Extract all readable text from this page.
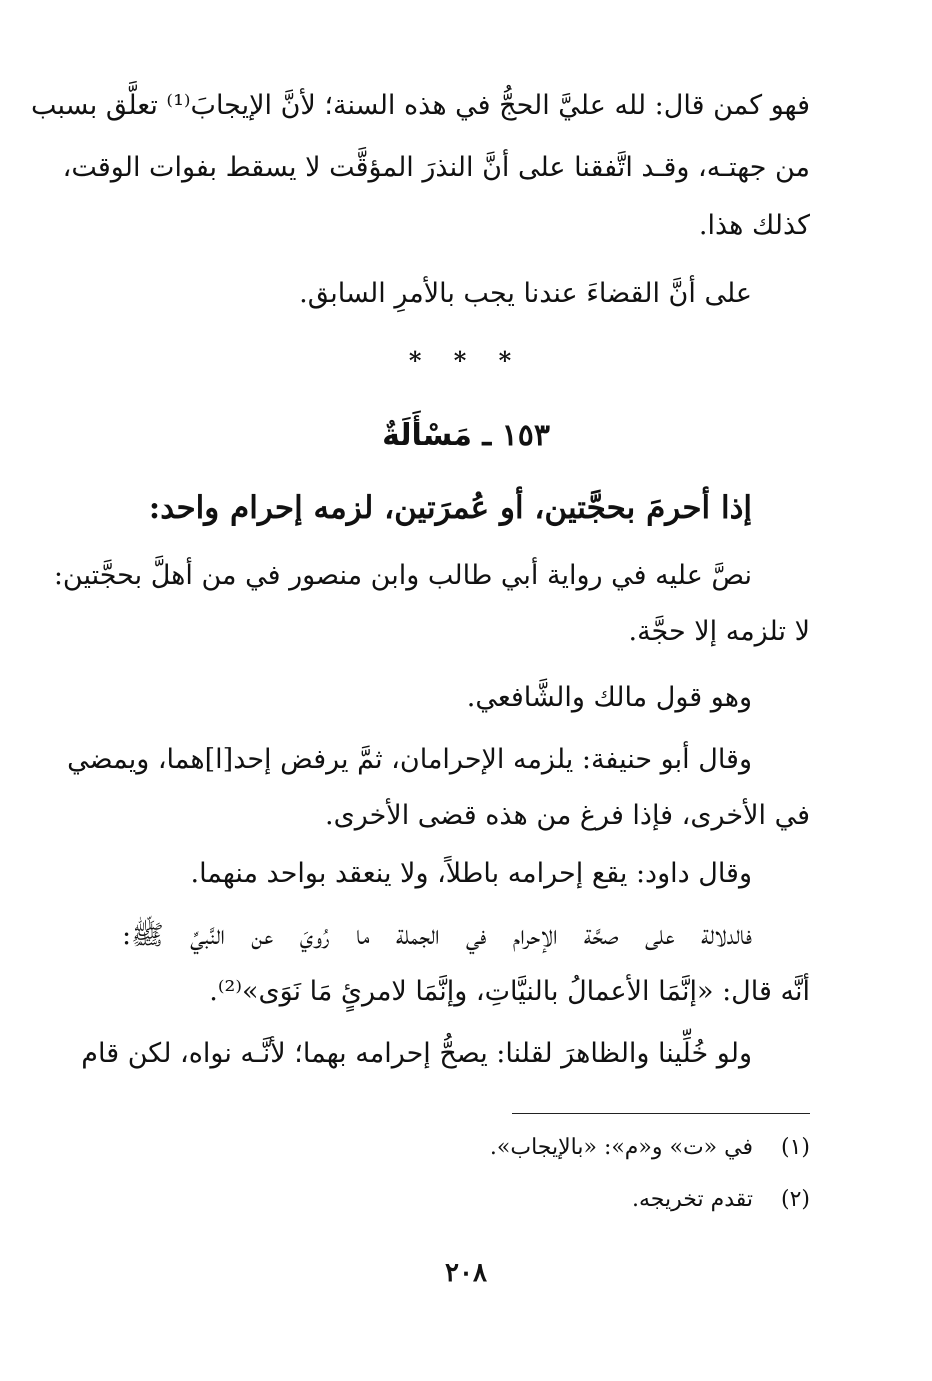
فهو كمن قال: لله عليَّ الحجُّ في هذه السنة؛ لأنَّ الإيجابَ⁽¹⁾ تعلَّق بسبب
من جهتـه، وقـد اتَّفقنا على أنَّ النذرَ المؤقَّت لا يسقط بفوات الوقت،
كذلك هذا.
على أنَّ القضاءَ عندنا يجب بالأمرِ السابق.
* * *
١٥٣ ـ مَسْأَلَةٌ
إذا أحرمَ بحجَّتين، أو عُمرَتين، لزمه إحرام واحد:
نصَّ عليه في رواية أبي طالب وابن منصور في من أهلَّ بحجَّتين:
لا تلزمه إلا حجَّة.
وهو قول مالك والشَّافعي.
وقال أبو حنيفة: يلزمه الإحرامان، ثمَّ يرفض إحد[ا]هما، ويمضي
في الأخرى، فإذا فرغ من هذه قضى الأخرى.
وقال داود: يقع إحرامه باطلاً، ولا ينعقد بواحد منهما.
فالدلالة على صحَّة الإحرام في الجملة ما رُويَ عن النَّبيِّ ﷺ:
أنَّه قال: «إنَّمَا الأعمالُ بالنيَّاتِ، وإنَّمَا لامرئٍ مَا نَوَى»⁽²⁾.
ولو خُلِّينا والظاهرَ لقلنا: يصحُّ إحرامه بهما؛ لأنَّـه نواه، لكن قام
(١)    في «ت» و«م»: «بالإيجاب».
(٢)    تقدم تخريجه.
٢٠٨
